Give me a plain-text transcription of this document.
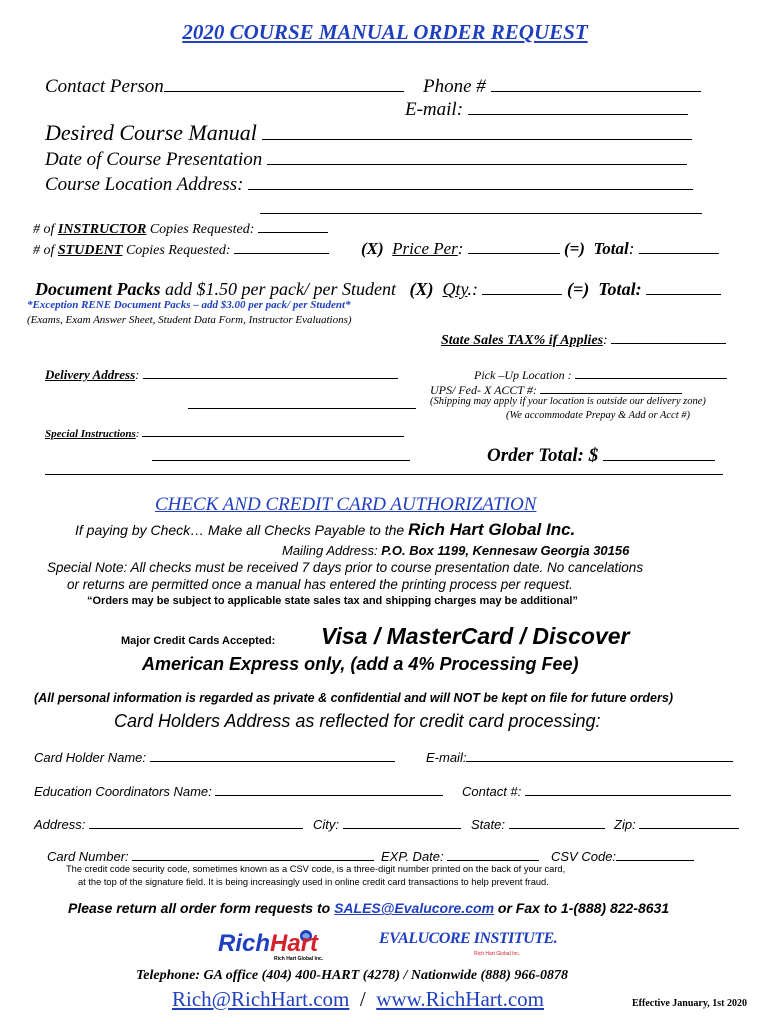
2020 COURSE MANUAL ORDER REQUEST
Contact Person	Phone #
E-mail:
Desired Course Manual
Date of Course Presentation
Course Location Address:
# of INSTRUCTOR Copies Requested:
# of STUDENT Copies Requested:	(X) Price Per:	(=) Total:
Document Packs add $1.50 per pack/ per Student (X) Qty.:	(=) Total:
*Exception RENE Document Packs – add $3.00 per pack/ per Student*
(Exams, Exam Answer Sheet, Student Data Form, Instructor Evaluations)
State Sales TAX% if Applies:
Delivery Address:	Pick –Up Location :
UPS/ Fed- X ACCT #:
(Shipping may apply if your location is outside our delivery zone)
(We accommodate Prepay & Add or Acct #)
Special Instructions:
Order Total: $
CHECK AND CREDIT CARD AUTHORIZATION
If paying by Check… Make all Checks Payable to the Rich Hart Global Inc.
Mailing Address: P.O. Box 1199, Kennesaw Georgia 30156
Special Note: All checks must be received 7 days prior to course presentation date. No cancelations
or returns are permitted once a manual has entered the printing process per request.
“Orders may be subject to applicable state sales tax and shipping charges may be additional”
Major Credit Cards Accepted: Visa / MasterCard / Discover
American Express only, (add a 4% Processing Fee)
(All personal information is regarded as private & confidential and will NOT be kept on file for future orders)
Card Holders Address as reflected for credit card processing:
Card Holder Name:	E-mail:
Education Coordinators Name:	Contact #:
Address:	City:	State:	Zip:
Card Number:	EXP. Date:	CSV Code:
The credit code security code, sometimes known as a CSV code, is a three-digit number printed on the back of your card,
at the top of the signature field. It is being increasingly used in online credit card transactions to help prevent fraud.
Please return all order form requests to SALES@Evalucore.com or Fax to 1-(888) 822-8631
RichHart
Rich Hart Global Inc.
EVALUCORE INSTITUTE.
Rich Hart Global Inc.
Telephone: GA office (404) 400-HART (4278) / Nationwide (888) 966-0878
Rich@RichHart.com / www.RichHart.com	Effective January, 1st 2020
